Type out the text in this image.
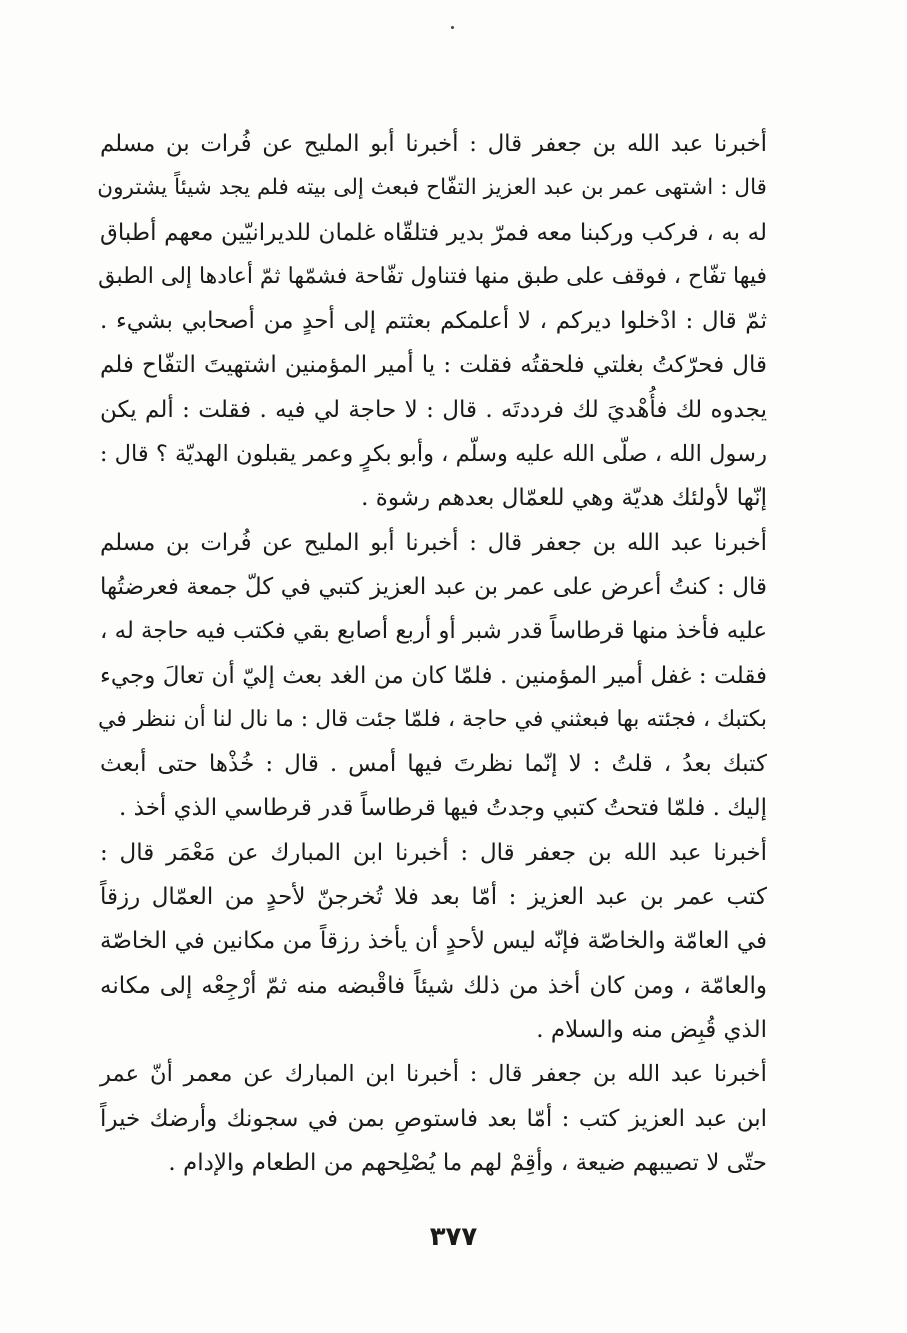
أخبرنا عبد الله بن جعفر قال : أخبرنا أبو المليح عن فُرات بن مسلم
قال : اشتهى عمر بن عبد العزيز التفّاح فبعث إلى بيته فلم يجد شيئاً يشترون
له به ، فركب وركبنا معه فمرّ بدير فتلقّاه غلمان للديرانيّين معهم أطباق
فيها تفّاح ، فوقف على طبق منها فتناول تفّاحة فشمّها ثمّ أعادها إلى الطبق
ثمّ قال : ادْخلوا ديركم ، لا أعلمكم بعثتم إلى أحدٍ من أصحابي بشيء .
قال فحرّكتُ بغلتي فلحقتُه فقلت : يا أمير المؤمنين اشتهيتَ التفّاح فلم
يجدوه لك فأُهْديَ لك فرددتَه . قال : لا حاجة لي فيه . فقلت : ألم يكن
رسول الله ، صلّى الله عليه وسلّم ، وأبو بكرٍ وعمر يقبلون الهديّة ؟ قال :
إنّها لأولئك هديّة وهي للعمّال بعدهم رشوة .

أخبرنا عبد الله بن جعفر قال : أخبرنا أبو المليح عن فُرات بن مسلم
قال : كنتُ أعرض على عمر بن عبد العزيز كتبي في كلّ جمعة فعرضتُها
عليه فأخذ منها قرطاساً قدر شبر أو أربع أصابع بقي فكتب فيه حاجة له ،
فقلت : غفل أمير المؤمنين . فلمّا كان من الغد بعث إليّ أن تعالَ وجيء
بكتبك ، فجئته بها فبعثني في حاجة ، فلمّا جئت قال : ما نال لنا أن ننظر في
كتبك بعدُ ، قلتُ : لا إنّما نظرتَ فيها أمس . قال : خُذْها حتى أبعث
إليك . فلمّا فتحتُ كتبي وجدتُ فيها قرطاساً قدر قرطاسي الذي أخذ .

أخبرنا عبد الله بن جعفر قال : أخبرنا ابن المبارك عن مَعْمَر قال :
كتب عمر بن عبد العزيز : أمّا بعد فلا تُخرجنّ لأحدٍ من العمّال رزقاً
في العامّة والخاصّة فإنّه ليس لأحدٍ أن يأخذ رزقاً من مكانين في الخاصّة
والعامّة ، ومن كان أخذ من ذلك شيئاً فاقْبضه منه ثمّ أرْجِعْه إلى مكانه
الذي قُبِض منه والسلام .

أخبرنا عبد الله بن جعفر قال : أخبرنا ابن المبارك عن معمر أنّ عمر
ابن عبد العزيز كتب : أمّا بعد فاستوصِ بمن في سجونك وأرضك خيراً
حتّى لا تصيبهم ضيعة ، وأقِمْ لهم ما يُصْلِحهم من الطعام والإدام .

٣٧٧
